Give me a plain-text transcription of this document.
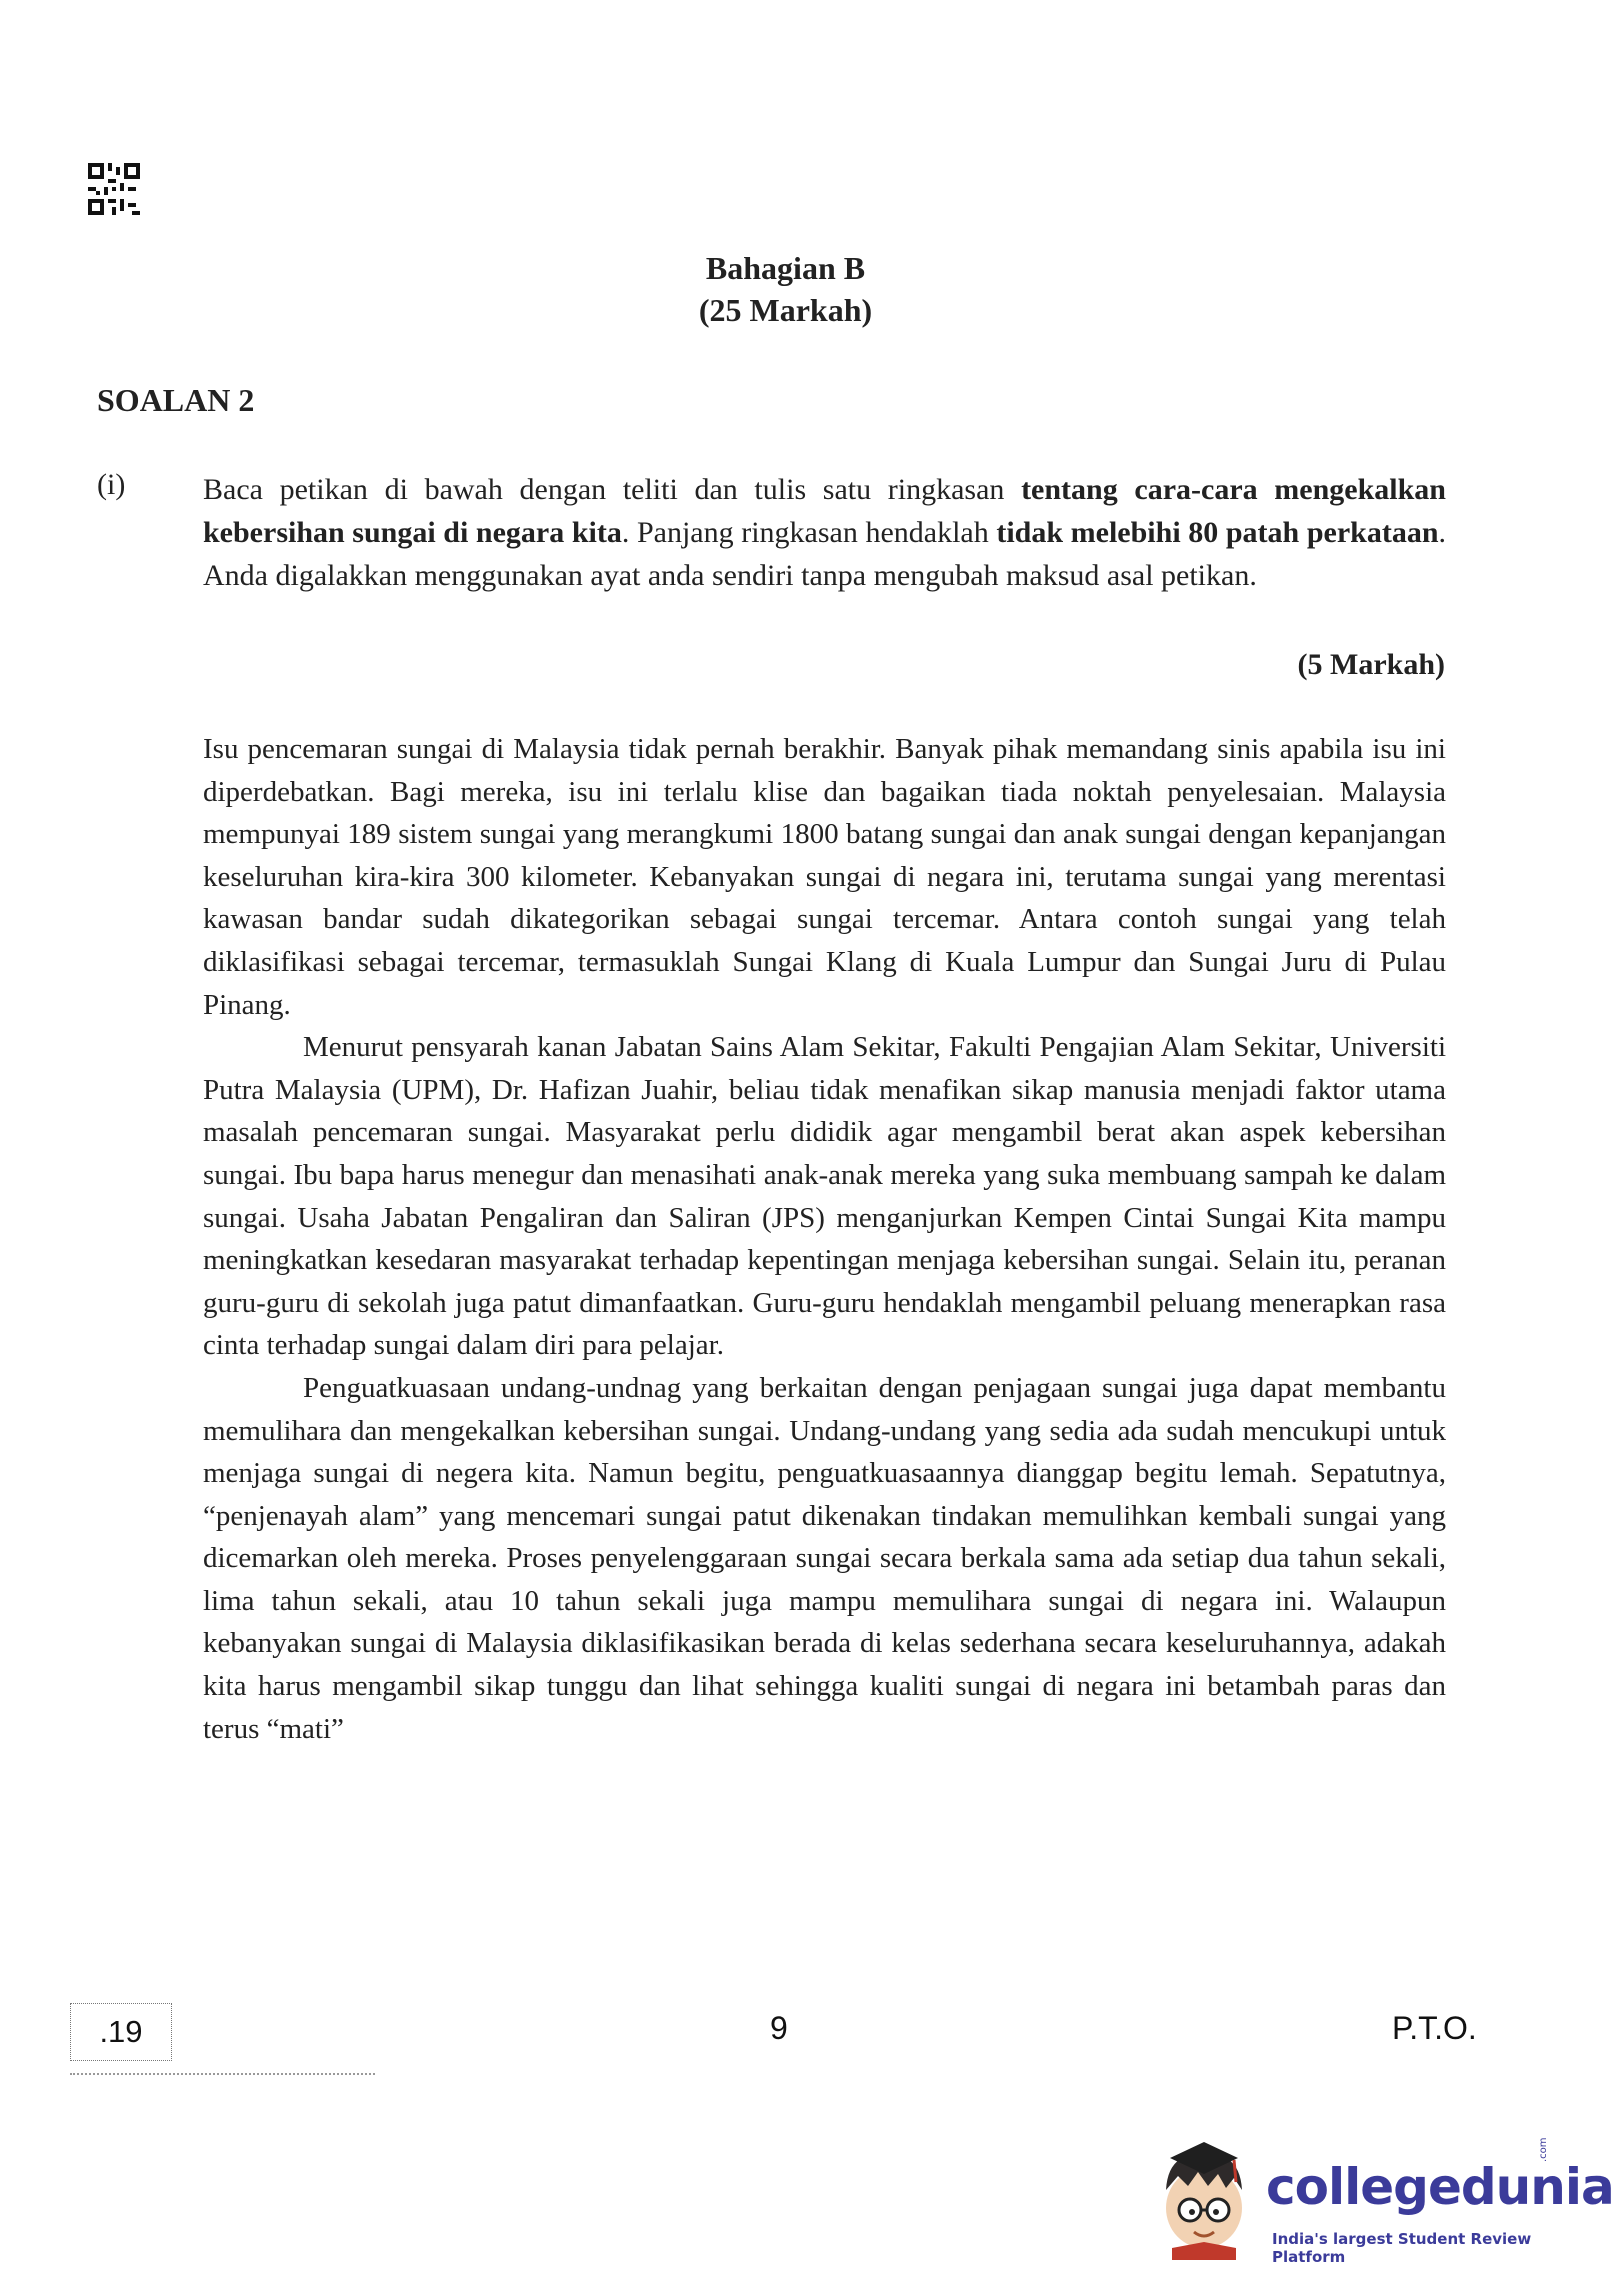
Bahagian B
(25 Markah)
SOALAN 2
(i)	Baca petikan di bawah dengan teliti dan tulis satu ringkasan tentang cara-cara mengekalkan kebersihan sungai di negara kita. Panjang ringkasan hendaklah tidak melebihi 80 patah perkataan. Anda digalakkan menggunakan ayat anda sendiri tanpa mengubah maksud asal petikan.
(5 Markah)

Isu pencemaran sungai di Malaysia tidak pernah berakhir. Banyak pihak memandang sinis apabila isu ini diperdebatkan. Bagi mereka, isu ini terlalu klise dan bagaikan tiada noktah penyelesaian. Malaysia mempunyai 189 sistem sungai yang merangkumi 1800 batang sungai dan anak sungai dengan kepanjangan keseluruhan kira-kira 300 kilometer. Kebanyakan sungai di negara ini, terutama sungai yang merentasi kawasan bandar sudah dikategorikan sebagai sungai tercemar. Antara contoh sungai yang telah diklasifikasi sebagai tercemar, termasuklah Sungai Klang di Kuala Lumpur dan Sungai Juru di Pulau Pinang.

Menurut pensyarah kanan Jabatan Sains Alam Sekitar, Fakulti Pengajian Alam Sekitar, Universiti Putra Malaysia (UPM), Dr. Hafizan Juahir, beliau tidak menafikan sikap manusia menjadi faktor utama masalah pencemaran sungai. Masyarakat perlu dididik agar mengambil berat akan aspek kebersihan sungai. Ibu bapa harus menegur dan menasihati anak-anak mereka yang suka membuang sampah ke dalam sungai. Usaha Jabatan Pengaliran dan Saliran (JPS) menganjurkan Kempen Cintai Sungai Kita mampu meningkatkan kesedaran masyarakat terhadap kepentingan menjaga kebersihan sungai. Selain itu, peranan guru-guru di sekolah juga patut dimanfaatkan. Guru-guru hendaklah mengambil peluang menerapkan rasa cinta terhadap sungai dalam diri para pelajar.

Penguatkuasaan undang-undnag yang berkaitan dengan penjagaan sungai juga dapat membantu memulihara dan mengekalkan kebersihan sungai. Undang-undang yang sedia ada sudah mencukupi untuk menjaga sungai di negera kita. Namun begitu, penguatkuasaannya dianggap begitu lemah. Sepatutnya, “penjenayah alam” yang mencemari sungai patut dikenakan tindakan memulihkan kembali sungai yang dicemarkan oleh mereka. Proses penyelenggaraan sungai secara berkala sama ada setiap dua tahun sekali, lima tahun sekali, atau 10 tahun sekali juga mampu memulihara sungai di negara ini. Walaupun kebanyakan sungai di Malaysia diklasifikasikan berada di kelas sederhana secara keseluruhannya, adakah kita harus mengambil sikap tunggu dan lihat sehingga kualiti sungai di negara ini betambah paras dan terus “mati”

.19	9	P.T.O.
collegedunia
.com
India's largest Student Review Platform
